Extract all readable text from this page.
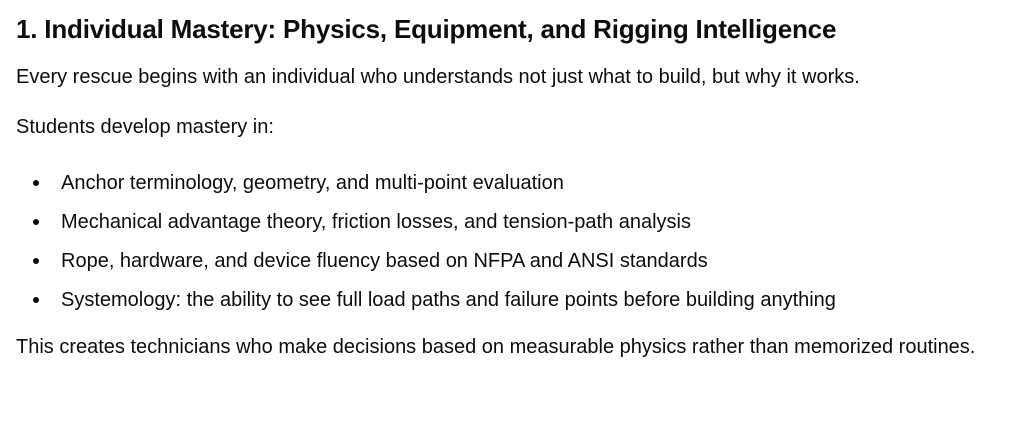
1. Individual Mastery: Physics, Equipment, and Rigging Intelligence

Every rescue begins with an individual who understands not just what to build, but why it works.

Students develop mastery in:

Anchor terminology, geometry, and multi-point evaluation
Mechanical advantage theory, friction losses, and tension-path analysis
Rope, hardware, and device fluency based on NFPA and ANSI standards
Systemology: the ability to see full load paths and failure points before building anything

This creates technicians who make decisions based on measurable physics rather than memorized routines.
